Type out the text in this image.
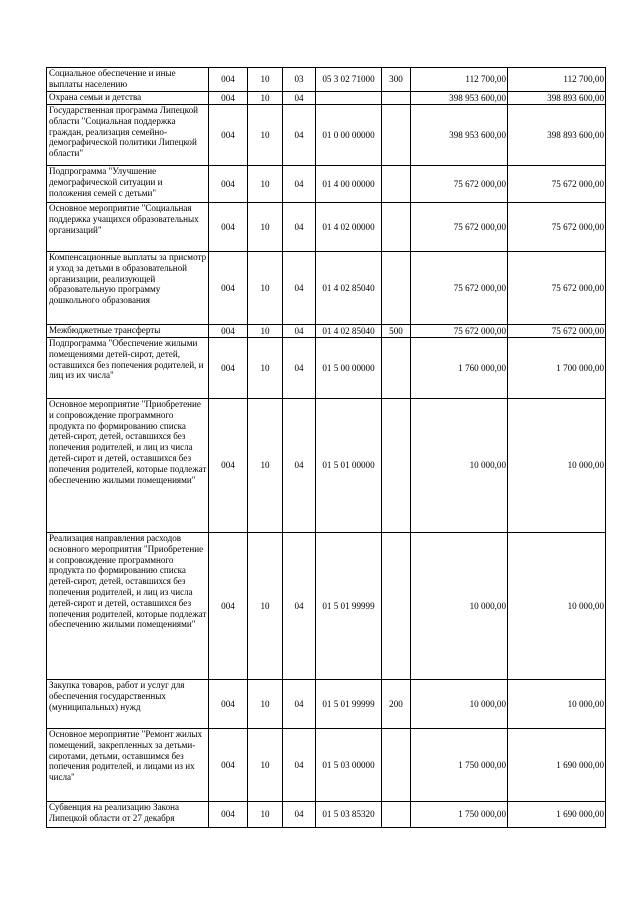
Социальное обеспечение и иные выплаты населению	004	10	03	05 3 02 71000	300	112 700,00	112 700,00
Охрана семьи и детства	004	10	04			398 953 600,00	398 893 600,00
Государственная программа Липецкой области "Социальная поддержка граждан, реализация семейно-демографической политики Липецкой области"	004	10	04	01 0 00 00000		398 953 600,00	398 893 600,00
Подпрограмма "Улучшение демографической ситуации и положения семей с детьми"	004	10	04	01 4 00 00000		75 672 000,00	75 672 000,00
Основное мероприятие "Социальная поддержка учащихся образовательных организаций"	004	10	04	01 4 02 00000		75 672 000,00	75 672 000,00
Компенсационные выплаты за присмотр и уход за детьми в образовательной организации, реализующей образовательную программу дошкольного образования	004	10	04	01 4 02 85040		75 672 000,00	75 672 000,00
Межбюджетные трансферты	004	10	04	01 4 02 85040	500	75 672 000,00	75 672 000,00
Подпрограмма "Обеспечение жилыми помещениями детей-сирот, детей, оставшихся без попечения родителей, и лиц из их числа"	004	10	04	01 5 00 00000		1 760 000,00	1 700 000,00
Основное мероприятие "Приобретение и сопровождение программного продукта по формированию списка детей-сирот, детей, оставшихся без попечения родителей, и лиц из числа детей-сирот и детей, оставшихся без попечения родителей, которые подлежат обеспечению жилыми помещениями"	004	10	04	01 5 01 00000		10 000,00	10 000,00
Реализация направления расходов основного мероприятия "Приобретение и сопровождение программного продукта по формированию списка детей-сирот, детей, оставшихся без попечения родителей, и лиц из числа детей-сирот и детей, оставшихся без попечения родителей, которые подлежат обеспечению жилыми помещениями"	004	10	04	01 5 01 99999		10 000,00	10 000,00
Закупка товаров, работ и услуг для обеспечения государственных (муниципальных) нужд	004	10	04	01 5 01 99999	200	10 000,00	10 000,00
Основное мероприятие "Ремонт жилых помещений, закрепленных за детьми-сиротами, детьми, оставшимся без попечения родителей, и лицами из их числа"	004	10	04	01 5 03 00000		1 750 000,00	1 690 000,00
Субвенция на реализацию Закона Липецкой области от 27 декабря	004	10	04	01 5 03 85320		1 750 000,00	1 690 000,00
